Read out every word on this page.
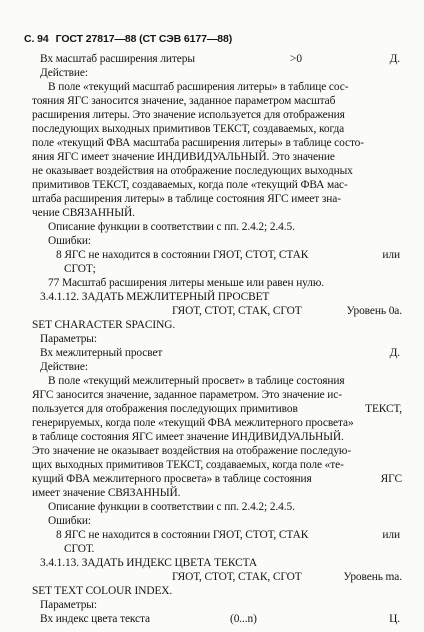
С. 94 ГОСТ 27817—88 (СТ СЭВ 6177—88)
Вх масштаб расширения литеры	>0	Д.
Действие:
В поле «текущий масштаб расширения литеры» в таблице сос-
тояния ЯГС заносится значение, заданное параметром масштаб
расширения литеры. Это значение используется для отображения
последующих выходных примитивов ТЕКСТ, создаваемых, когда
поле «текущий ФВА масштаба расширения литеры» в таблице состо-
яния ЯГС имеет значение ИНДИВИДУАЛЬНЫЙ. Это значение
не оказывает воздействия на отображение последующих выходных
примитивов ТЕКСТ, создаваемых, когда поле «текущий ФВА мас-
штаба расширения литеры» в таблице состояния ЯГС имеет зна-
чение СВЯЗАННЫЙ.
Описание функции в соответствии с пп. 2.4.2; 2.4.5.
Ошибки:
8 ЯГС не находится в состоянии ГЯОТ, СТОТ, СТАК	или
СГОТ;
77 Масштаб расширения литеры меньше или равен нулю.
3.4.1.12. ЗАДАТЬ МЕЖЛИТЕРНЫЙ ПРОСВЕТ
ГЯОТ, СТОТ, СТАК, СГОТ	Уровень 0а.
SET CHARACTER SPACING.
Параметры:
Вх межлитерный просвет	Д.
Действие:
В поле «текущий межлитерный просвет» в таблице состояния
ЯГС заносится значение, заданное параметром. Это значение ис-
пользуется для отображения последующих примитивов	ТЕКСТ,
генерируемых, когда поле «текущий ФВА межлитерного просвета»
в таблице состояния ЯГС имеет значение ИНДИВИДУАЛЬНЫЙ.
Это значение не оказывает воздействия на отображение последую-
щих выходных примитивов ТЕКСТ, создаваемых, когда поле «те-
кущий ФВА межлитерного просвета» в таблице состояния	ЯГС
имеет значение СВЯЗАННЫЙ.
Описание функции в соответствии с пп. 2.4.2; 2.4.5.
Ошибки:
8 ЯГС не находится в состоянии ГЯОТ, СТОТ, СТАК	или
СГОТ.
3.4.1.13. ЗАДАТЬ ИНДЕКС ЦВЕТА ТЕКСТА
ГЯОТ, СТОТ, СТАК, СГОТ	Уровень ma.
SET TEXT COLOUR INDEX.
Параметры:
Вх индекс цвета текста	(0...n)	Ц.
